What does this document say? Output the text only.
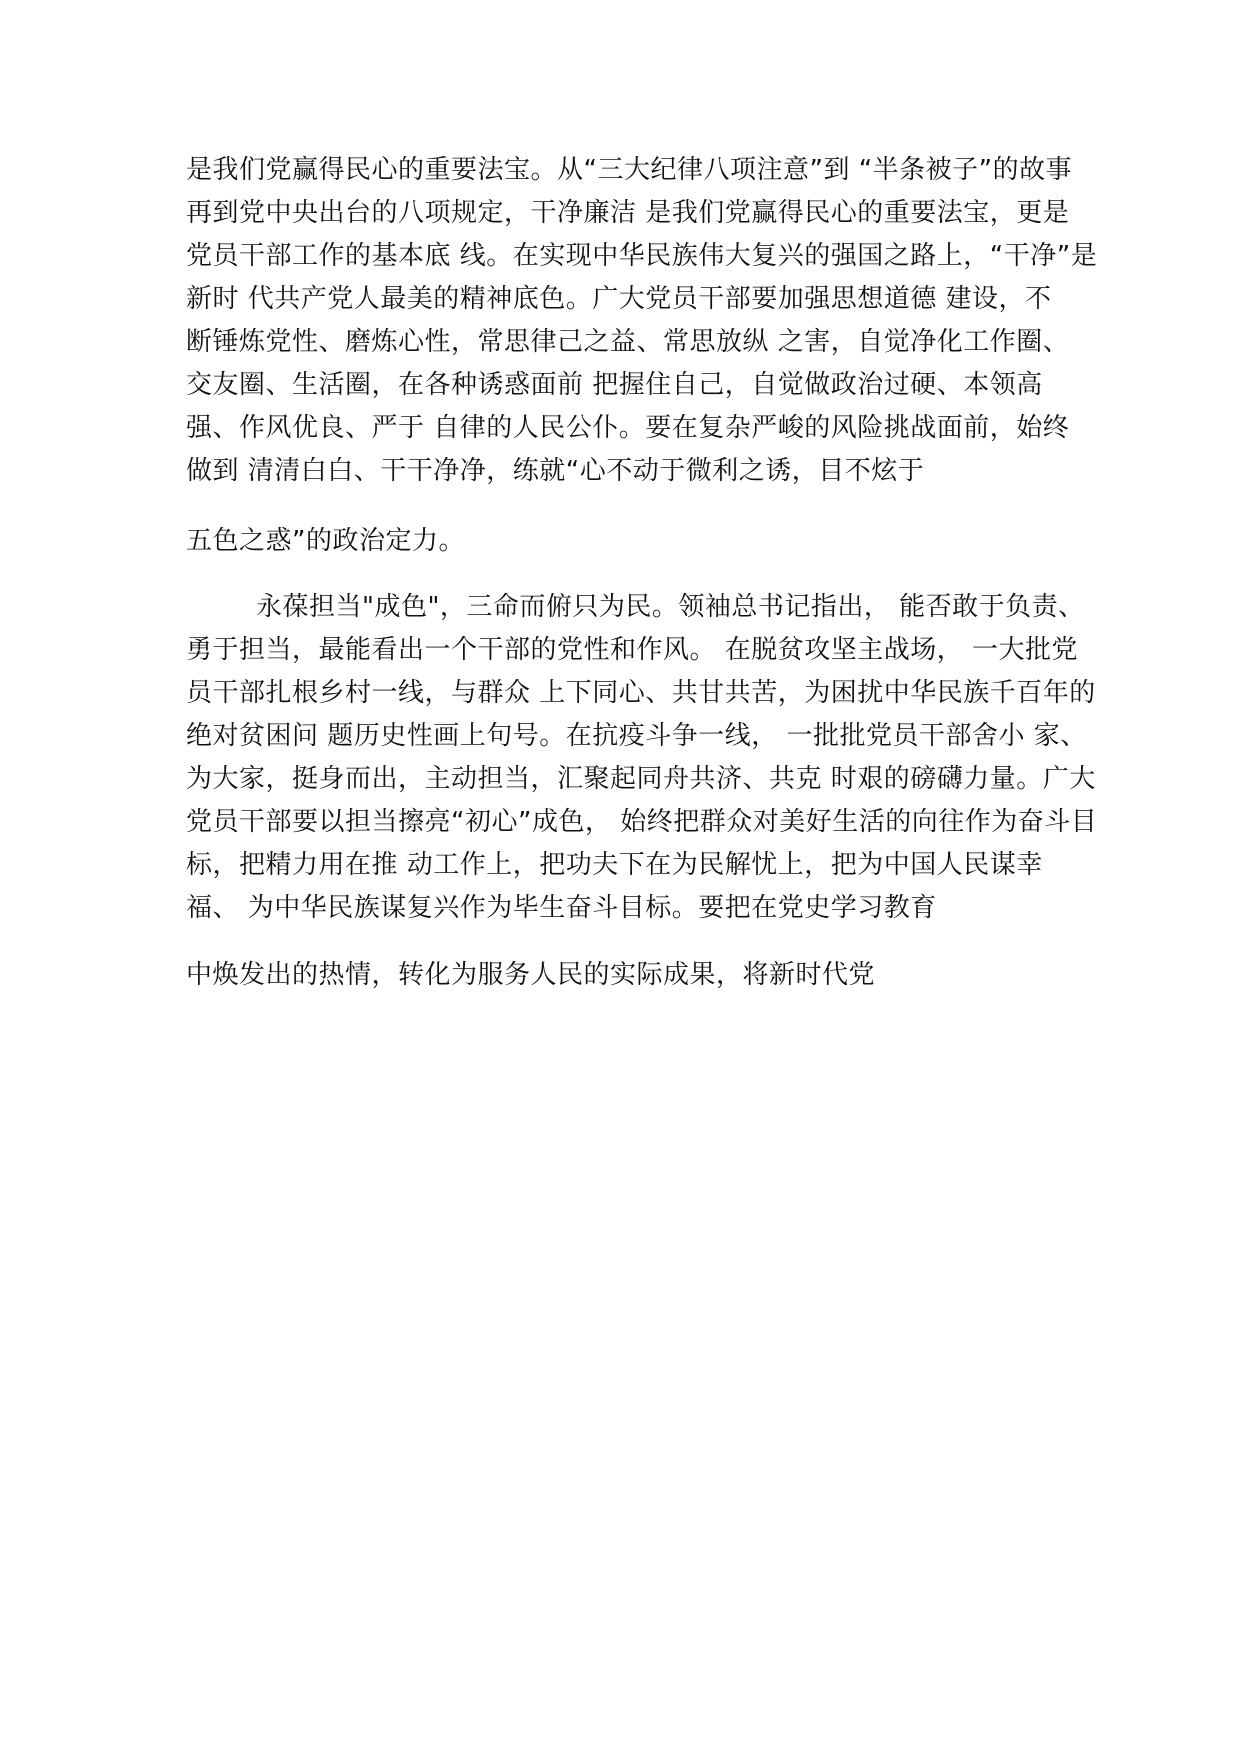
是我们党赢得民心的重要法宝。从“三大纪律八项注意”到 “半条被子”的故事
再到党中央出台的八项规定，干净廉洁 是我们党赢得民心的重要法宝，更是
党员干部工作的基本底 线。在实现中华民族伟大复兴的强国之路上，“干净”是
新时 代共产党人最美的精神底色。广大党员干部要加强思想道德 建设，不
断锤炼党性、磨炼心性，常思律己之益、常思放纵 之害，自觉净化工作圈、
交友圈、生活圈，在各种诱惑面前 把握住自己，自觉做政治过硬、本领高
强、作风优良、严于 自律的人民公仆。要在复杂严峻的风险挑战面前，始终
做到 清清白白、干干净净，练就“心不动于微利之诱，目不炫于
五色之惑”的政治定力。
永葆担当"成色"，三命而俯只为民。领袖总书记指出， 能否敢于负责、
勇于担当，最能看出一个干部的党性和作风。 在脱贫攻坚主战场， 一大批党
员干部扎根乡村一线，与群众 上下同心、共甘共苦，为困扰中华民族千百年的
绝对贫困问 题历史性画上句号。在抗疫斗争一线， 一批批党员干部舍小 家、
为大家，挺身而出，主动担当，汇聚起同舟共济、共克 时艰的磅礴力量。广大
党员干部要以担当擦亮“初心”成色， 始终把群众对美好生活的向往作为奋斗目
标，把精力用在推 动工作上，把功夫下在为民解忧上，把为中国人民谋幸
福、 为中华民族谋复兴作为毕生奋斗目标。要把在党史学习教育
中焕发出的热情，转化为服务人民的实际成果，将新时代党
